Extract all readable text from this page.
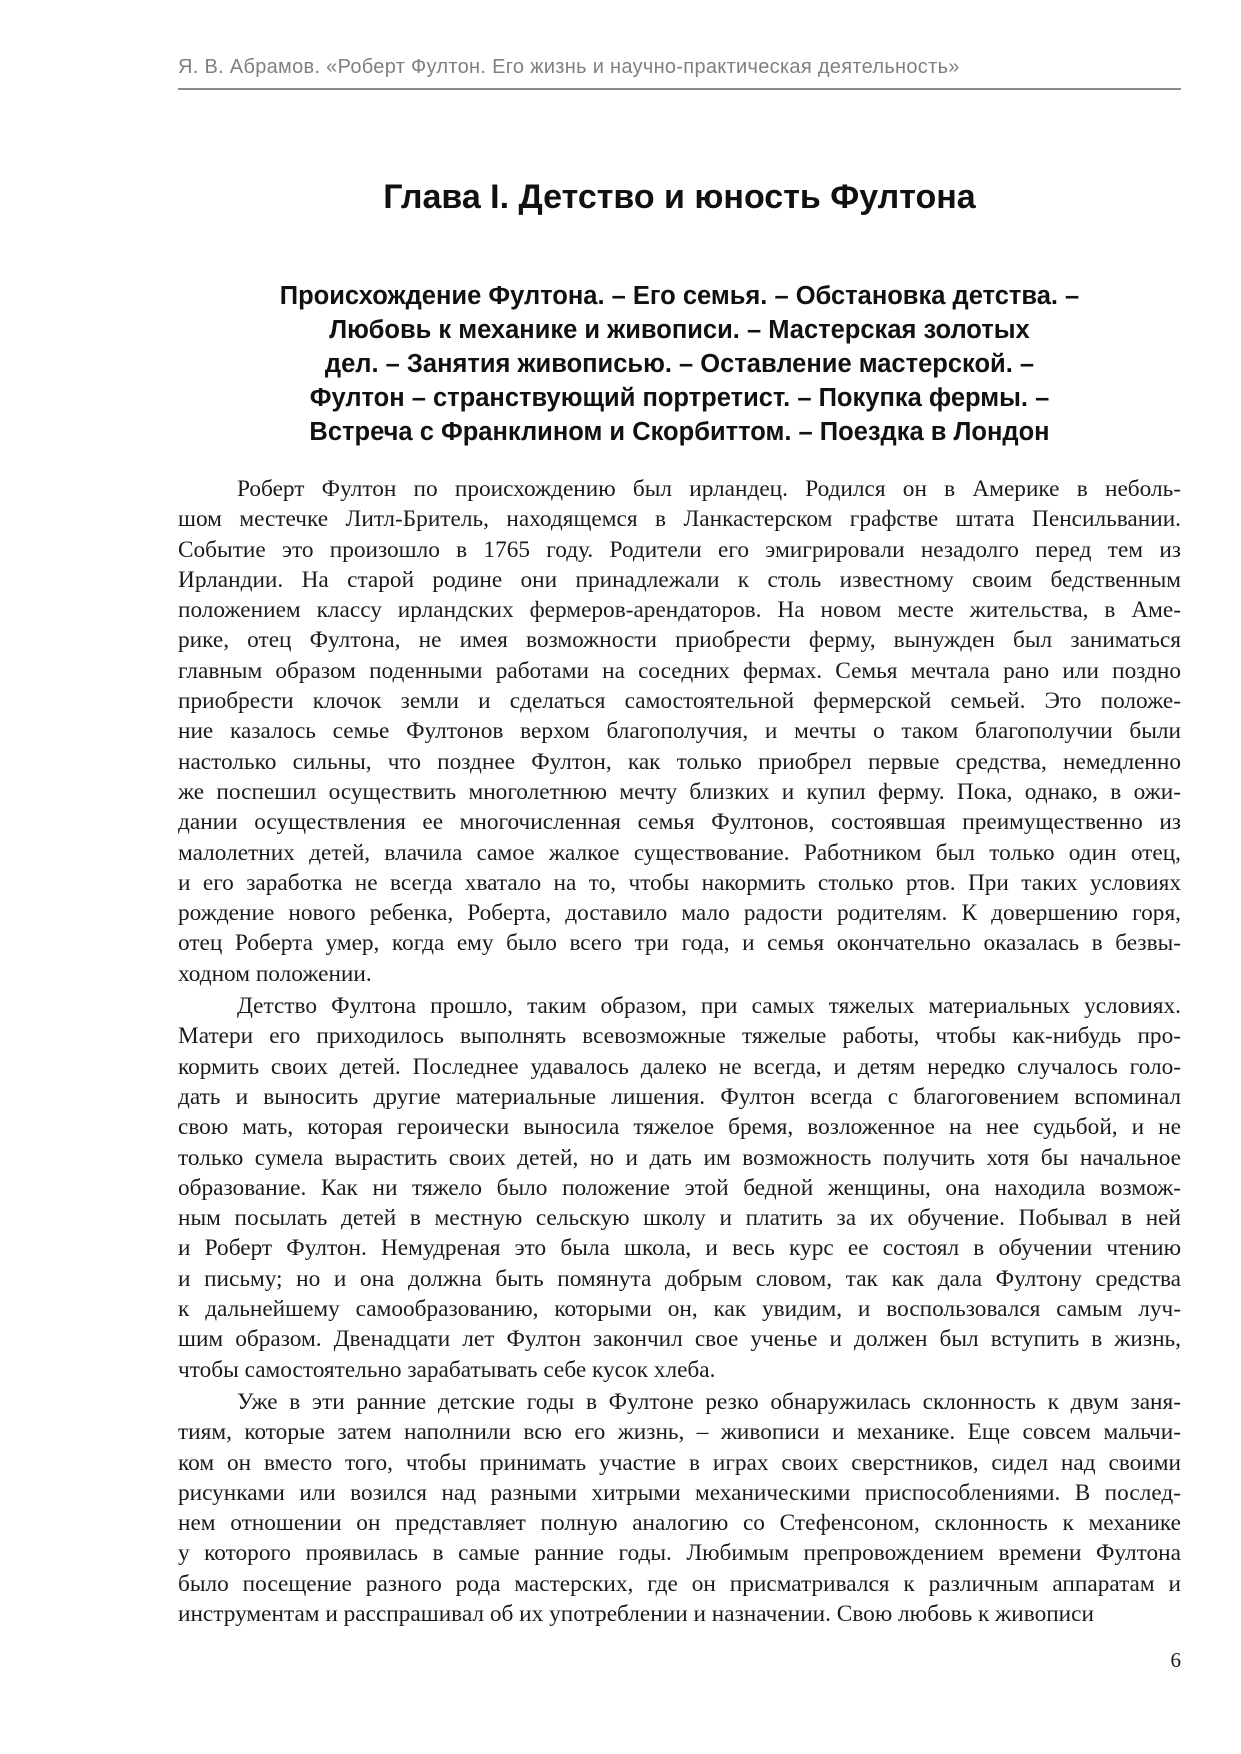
Я. В. Абрамов. «Роберт Фултон. Его жизнь и научно-практическая деятельность»
Глава I. Детство и юность Фултона
Происхождение Фултона. – Его семья. – Обстановка детства. –
Любовь к механике и живописи. – Мастерская золотых
дел. – Занятия живописью. – Оставление мастерской. –
Фултон – странствующий портретист. – Покупка фермы. –
Встреча с Франклином и Скорбиттом. – Поездка в Лондон

Роберт Фултон по происхождению был ирландец. Родился он в Америке в неболь-
шом местечке Литл-Бритель, находящемся в Ланкастерском графстве штата Пенсильвании.
Событие это произошло в 1765 году. Родители его эмигрировали незадолго перед тем из
Ирландии. На старой родине они принадлежали к столь известному своим бедственным
положением классу ирландских фермеров-арендаторов. На новом месте жительства, в Аме-
рике, отец Фултона, не имея возможности приобрести ферму, вынужден был заниматься
главным образом поденными работами на соседних фермах. Семья мечтала рано или поздно
приобрести клочок земли и сделаться самостоятельной фермерской семьей. Это положе-
ние казалось семье Фултонов верхом благополучия, и мечты о таком благополучии были
настолько сильны, что позднее Фултон, как только приобрел первые средства, немедленно
же поспешил осуществить многолетнюю мечту близких и купил ферму. Пока, однако, в ожи-
дании осуществления ее многочисленная семья Фултонов, состоявшая преимущественно из
малолетних детей, влачила самое жалкое существование. Работником был только один отец,
и его заработка не всегда хватало на то, чтобы накормить столько ртов. При таких условиях
рождение нового ребенка, Роберта, доставило мало радости родителям. К довершению горя,
отец Роберта умер, когда ему было всего три года, и семья окончательно оказалась в безвы-
ходном положении.

Детство Фултона прошло, таким образом, при самых тяжелых материальных условиях.
Матери его приходилось выполнять всевозможные тяжелые работы, чтобы как-нибудь про-
кормить своих детей. Последнее удавалось далеко не всегда, и детям нередко случалось голо-
дать и выносить другие материальные лишения. Фултон всегда с благоговением вспоминал
свою мать, которая героически выносила тяжелое бремя, возложенное на нее судьбой, и не
только сумела вырастить своих детей, но и дать им возможность получить хотя бы начальное
образование. Как ни тяжело было положение этой бедной женщины, она находила возмож-
ным посылать детей в местную сельскую школу и платить за их обучение. Побывал в ней
и Роберт Фултон. Немудреная это была школа, и весь курс ее состоял в обучении чтению
и письму; но и она должна быть помянута добрым словом, так как дала Фултону средства
к дальнейшему самообразованию, которыми он, как увидим, и воспользовался самым луч-
шим образом. Двенадцати лет Фултон закончил свое ученье и должен был вступить в жизнь,
чтобы самостоятельно зарабатывать себе кусок хлеба.

Уже в эти ранние детские годы в Фултоне резко обнаружилась склонность к двум заня-
тиям, которые затем наполнили всю его жизнь, – живописи и механике. Еще совсем мальчи-
ком он вместо того, чтобы принимать участие в играх своих сверстников, сидел над своими
рисунками или возился над разными хитрыми механическими приспособлениями. В послед-
нем отношении он представляет полную аналогию со Стефенсоном, склонность к механике
у которого проявилась в самые ранние годы. Любимым препровождением времени Фултона
было посещение разного рода мастерских, где он присматривался к различным аппаратам и
инструментам и расспрашивал об их употреблении и назначении. Свою любовь к живописи

6
